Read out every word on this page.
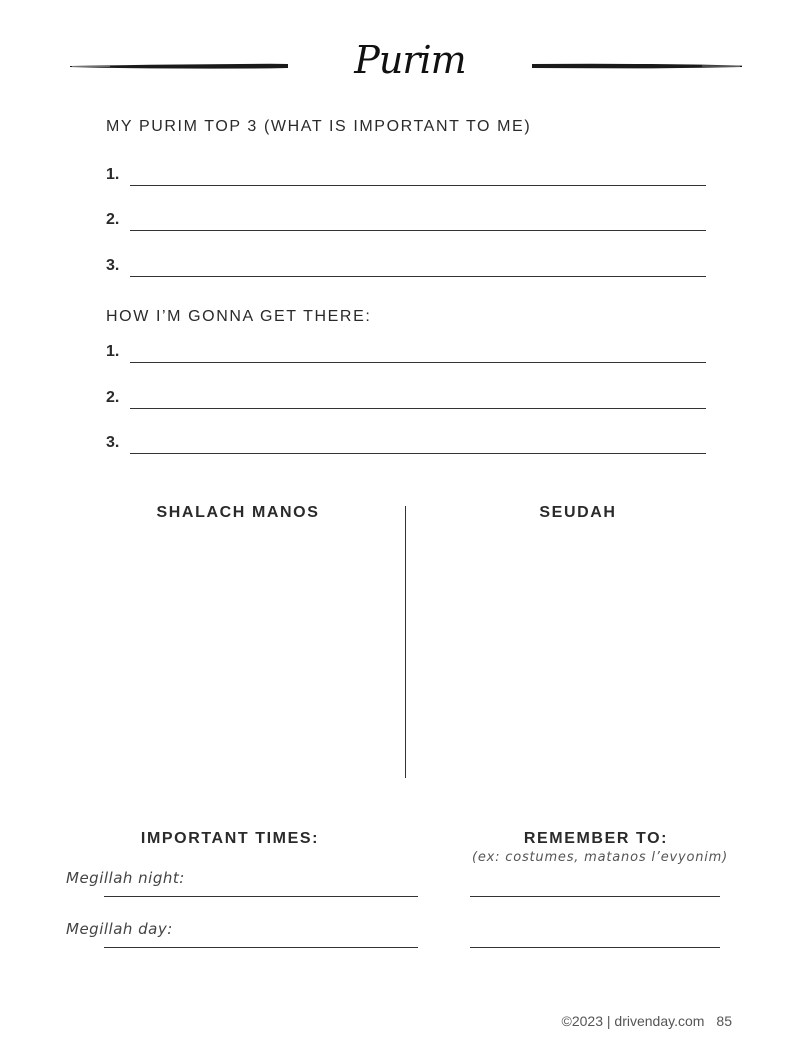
Purim
MY PURIM TOP 3 (WHAT IS IMPORTANT TO ME)
1.
2.
3.
HOW I’M GONNA GET THERE:
1.
2.
3.
SHALACH MANOS	SEUDAH
IMPORTANT TIMES:
Megillah night:
Megillah day:
REMEMBER TO:
(ex: costumes, matanos l’evyonim)
©2023 | drivenday.com 85
